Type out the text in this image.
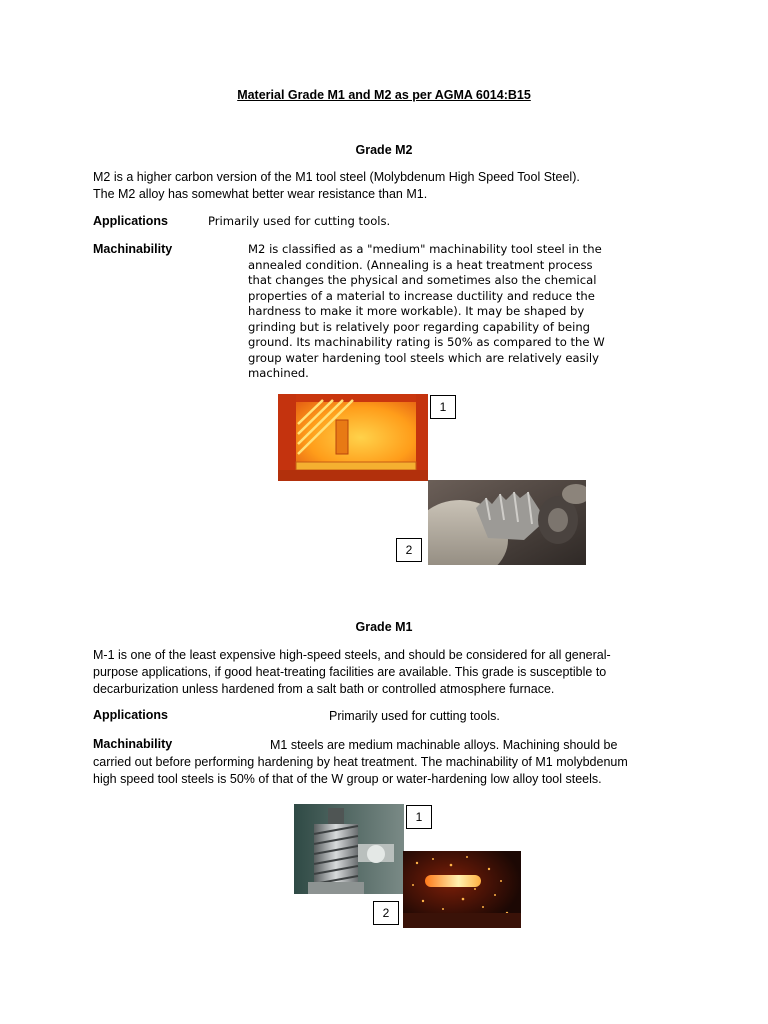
Material Grade M1 and M2 as per AGMA 6014:B15
Grade M2
M2 is a higher carbon version of the M1 tool steel (Molybdenum High Speed Tool Steel).
The M2 alloy has somewhat better wear resistance than M1.
Applications	Primarily used for cutting tools.
Machinability	M2 is classified as a "medium" machinability tool steel in the
annealed condition. (Annealing is a heat treatment process
that changes the physical and sometimes also the chemical
properties of a material to increase ductility and reduce the
hardness to make it more workable). It may be shaped by
grinding but is relatively poor regarding capability of being
ground. Its machinability rating is 50% as compared to the W
group water hardening tool steels which are relatively easily
machined.
1
2
Grade M1
M-1 is one of the least expensive high-speed steels, and should be considered for all general-
purpose applications, if good heat-treating facilities are available. This grade is susceptible to
decarburization unless hardened from a salt bath or controlled atmosphere furnace.
Applications	Primarily used for cutting tools.
Machinability	M1 steels are medium machinable alloys. Machining should be
carried out before performing hardening by heat treatment. The machinability of M1 molybdenum
high speed tool steels is 50% of that of the W group or water-hardening low alloy tool steels.
1
2
